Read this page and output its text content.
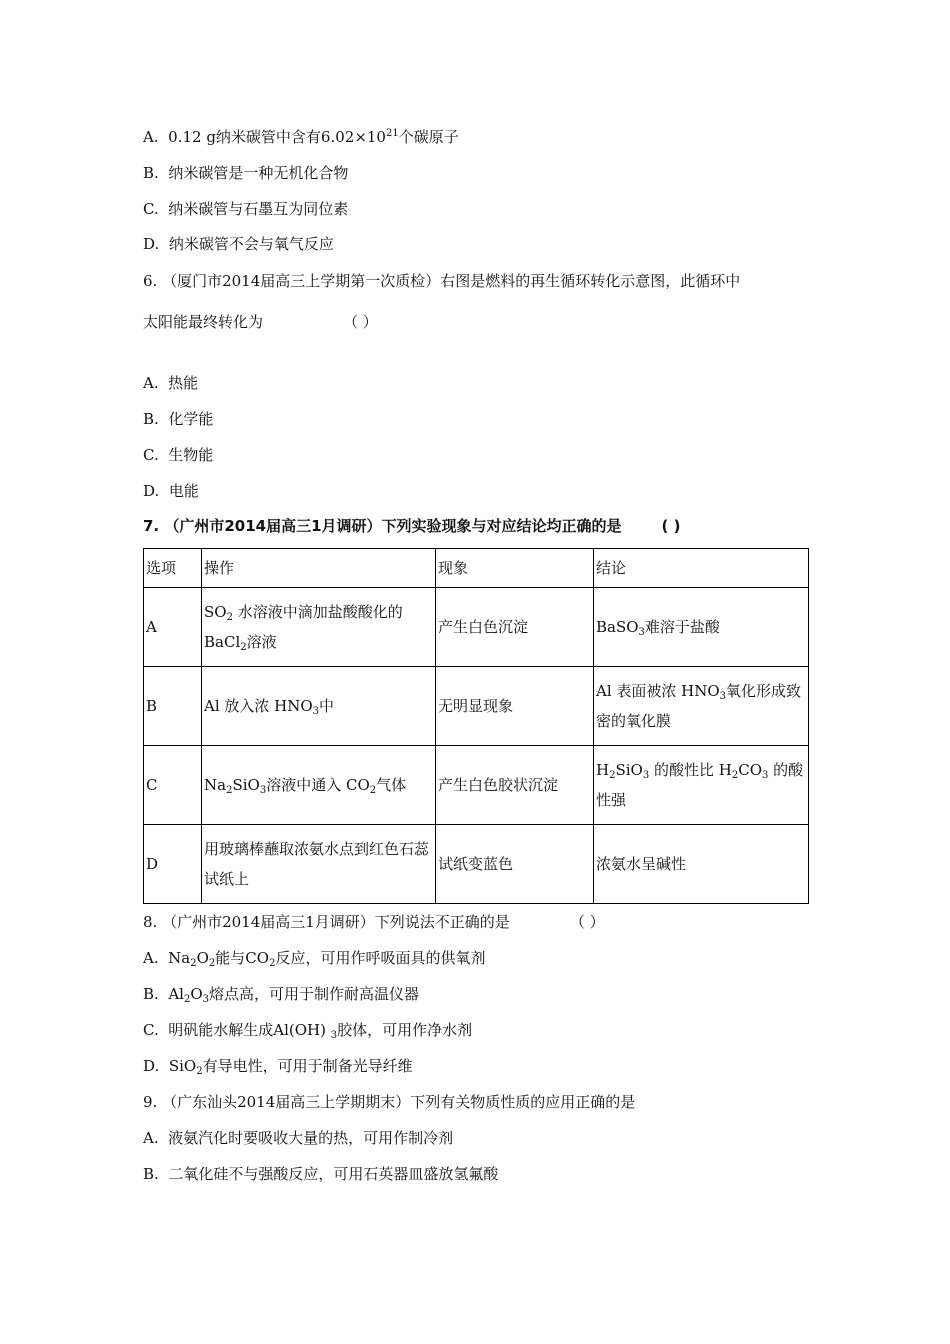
A. 0.12 g纳米碳管中含有$6.02\times 10^{21}$个碳原子
B. 纳米碳管是一种无机化合物
C. 纳米碳管与石墨互为同位素
D. 纳米碳管不会与氧气反应
6. （厦门市2014届高三上学期第一次质检）右图是燃料的再生循环转化示意图，此循环中
太阳能最终转化为	（ ）
A. 热能
B. 化学能
C. 生物能
D. 电能
7. （广州市2014届高三1月调研）下列实验现象与对应结论均正确的是	( )
选项	操作	现象	结论
A	$SO_2$ 水溶液中滴加盐酸酸化的BaCl$_2$溶液	产生白色沉淀	BaSO$_3$难溶于盐酸
B	Al 放入浓 $HNO_3$中	无明显现象	Al 表面被浓 $HNO_3$氧化形成致密的氧化膜
C	$Na_2SiO_3$溶液中通入 $CO_2$气体	产生白色胶状沉淀	$H_2SiO_3$ 的酸性比 $H_2CO_3$ 的酸性强
D	用玻璃棒蘸取浓氨水点到红色石蕊试纸上	试纸变蓝色	浓氨水呈碱性
8. （广州市2014届高三1月调研）下列说法不正确的是	（ ）
A. $Na_2O_2$能与$CO_2$反应，可用作呼吸面具的供氧剂
B. $Al_2O_3$熔点高，可用于制作耐高温仪器
C. 明矾能水解生成Al(OH) $_3$胶体，可用作净水剂
D. SiO$_2$有导电性，可用于制备光导纤维
9. （广东汕头2014届高三上学期期末）下列有关物质性质的应用正确的是
A. 液氨汽化时要吸收大量的热，可用作制冷剂
B. 二氧化硅不与强酸反应，可用石英器皿盛放氢氟酸
